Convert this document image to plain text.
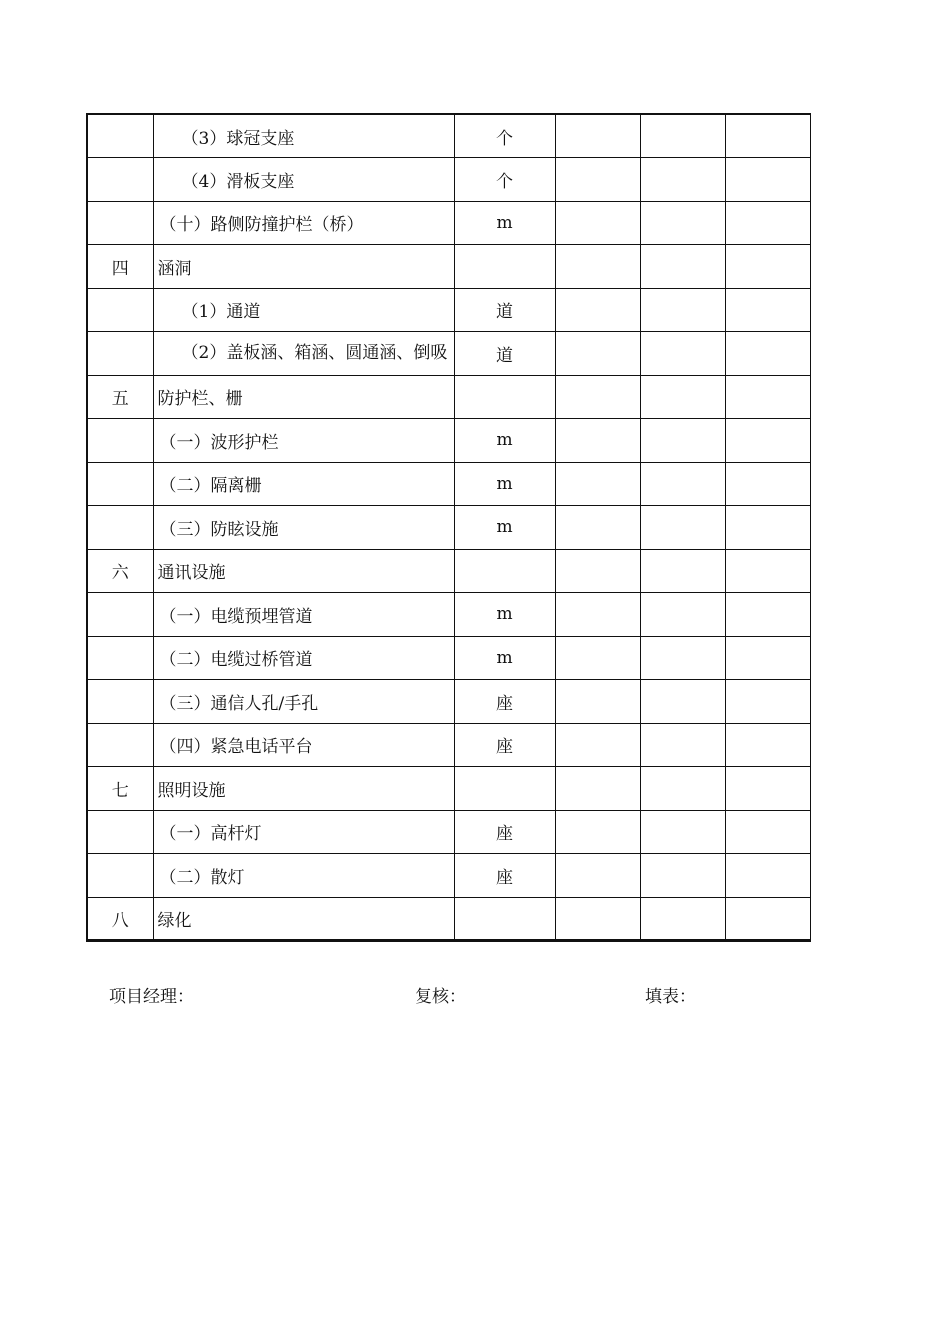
	（3）球冠支座	个			
	（4）滑板支座	个			
	（十）路侧防撞护栏（桥）	m			
四	涵洞				
	（1）通道	道			
	（2）盖板涵、箱涵、圆通涵、倒吸	道			
五	防护栏、栅				
	（一）波形护栏	m			
	（二）隔离栅	m			
	（三）防眩设施	m			
六	通讯设施				
	（一）电缆预埋管道	m			
	（二）电缆过桥管道	m			
	（三）通信人孔/手孔	座			
	（四）紧急电话平台	座			
七	照明设施				
	（一）高杆灯	座			
	（二）散灯	座			
八	绿化				
项目经理：	复核：	填表：
